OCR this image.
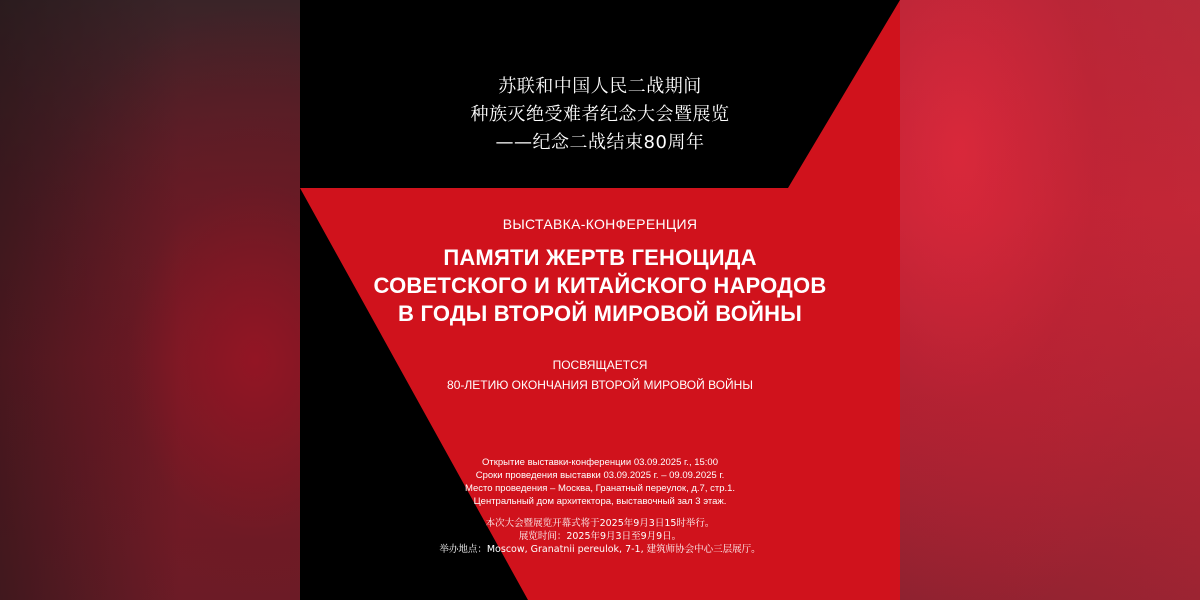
苏联和中国人民二战期间
种族灭绝受难者纪念大会暨展览
——纪念二战结束80周年
ВЫСТАВКА-КОНФЕРЕНЦИЯ
ПАМЯТИ ЖЕРТВ ГЕНОЦИДА
СОВЕТСКОГО И КИТАЙСКОГО НАРОДОВ
В ГОДЫ ВТОРОЙ МИРОВОЙ ВОЙНЫ
ПОСВЯЩАЕТСЯ
80-ЛЕТИЮ ОКОНЧАНИЯ ВТОРОЙ МИРОВОЙ ВОЙНЫ
Открытие выставки-конференции 03.09.2025 г., 15:00
Сроки проведения выставки 03.09.2025 г. – 09.09.2025 г.
Место проведения – Москва, Гранатный переулок, д.7, стр.1.
Центральный дом архитектора, выставочный зал 3 этаж.
本次大会暨展览开幕式将于2025年9月3日15时举行。
展览时间：2025年9月3日至9月9日。
举办地点：Moscow, Granatnii pereulok, 7-1, 建筑师协会中心三层展厅。
